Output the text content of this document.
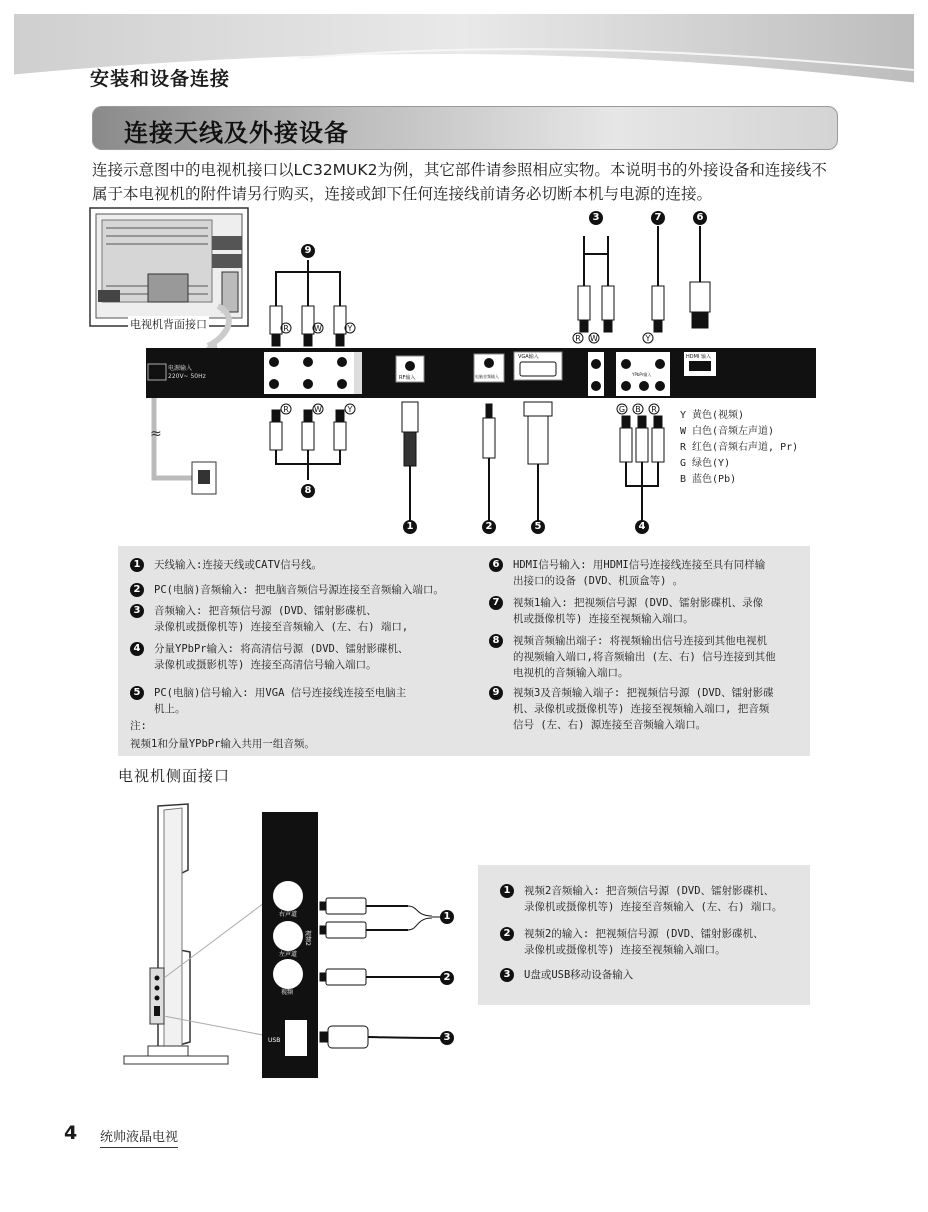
安装和设备连接
连接天线及外接设备
连接示意图中的电视机接口以LC32MUK2为例，其它部件请参照相应实物。本说明书的外接设备和连接线不属于本电视机的附件请另行购买，连接或卸下任何连接线前请务必切断本机与电源的连接。
电源输入
220V~ 50Hz	RF输入	电脑音频输入
VGA输入
YPbPr输入
HDMI 输入
≈
R	W	Y
R	W	Y
R W	Y
G B R
电视机背面接口
9
3	7	6
8
1	2	5	4
Y 黄色(视频)
W 白色(音频左声道)
R 红色(音频右声道, Pr)
G 绿色(Y)
B 蓝色(Pb)
1	天线输入:连接天线或CATV信号线。
2	PC(电脑)音频输入: 把电脑音频信号源连接至音频输入端口。
3	音频输入: 把音频信号源 (DVD、镭射影碟机、
录像机或摄像机等) 连接至音频输入 (左、右) 端口,
4	分量YPbPr输入: 将高清信号源 (DVD、镭射影碟机、
录像机或摄影机等) 连接至高清信号输入端口。
5	PC(电脑)信号输入: 用VGA 信号连接线连接至电脑主
机上。
注:
视频1和分量YPbPr输入共用一组音频。
6	HDMI信号输入: 用HDMI信号连接线连接至具有同样输
出接口的设备 (DVD、机顶盒等) 。
7	视频1输入: 把视频信号源 (DVD、镭射影碟机、录像
机或摄像机等) 连接至视频输入端口。
8	视频音频输出端子: 将视频输出信号连接到其他电视机
的视频输入端口,将音频输出 (左、右) 信号连接到其他
电视机的音频输入端口。
9	视频3及音频输入端子: 把视频信号源 (DVD、镭射影碟
机、录像机或摄像机等) 连接至视频输入端口, 把音频
信号 (左、右) 源连接至音频输入端口。
电视机侧面接口
右声道
左声道
视频
视频2
USB
1
2
3
1	视频2音频输入: 把音频信号源 (DVD、镭射影碟机、
录像机或摄像机等) 连接至音频输入 (左、右) 端口。
2	视频2的输入: 把视频信号源 (DVD、镭射影碟机、
录像机或摄像机等) 连接至视频输入端口。
3	U盘或USB移动设备输入
4 统帅液晶电视
